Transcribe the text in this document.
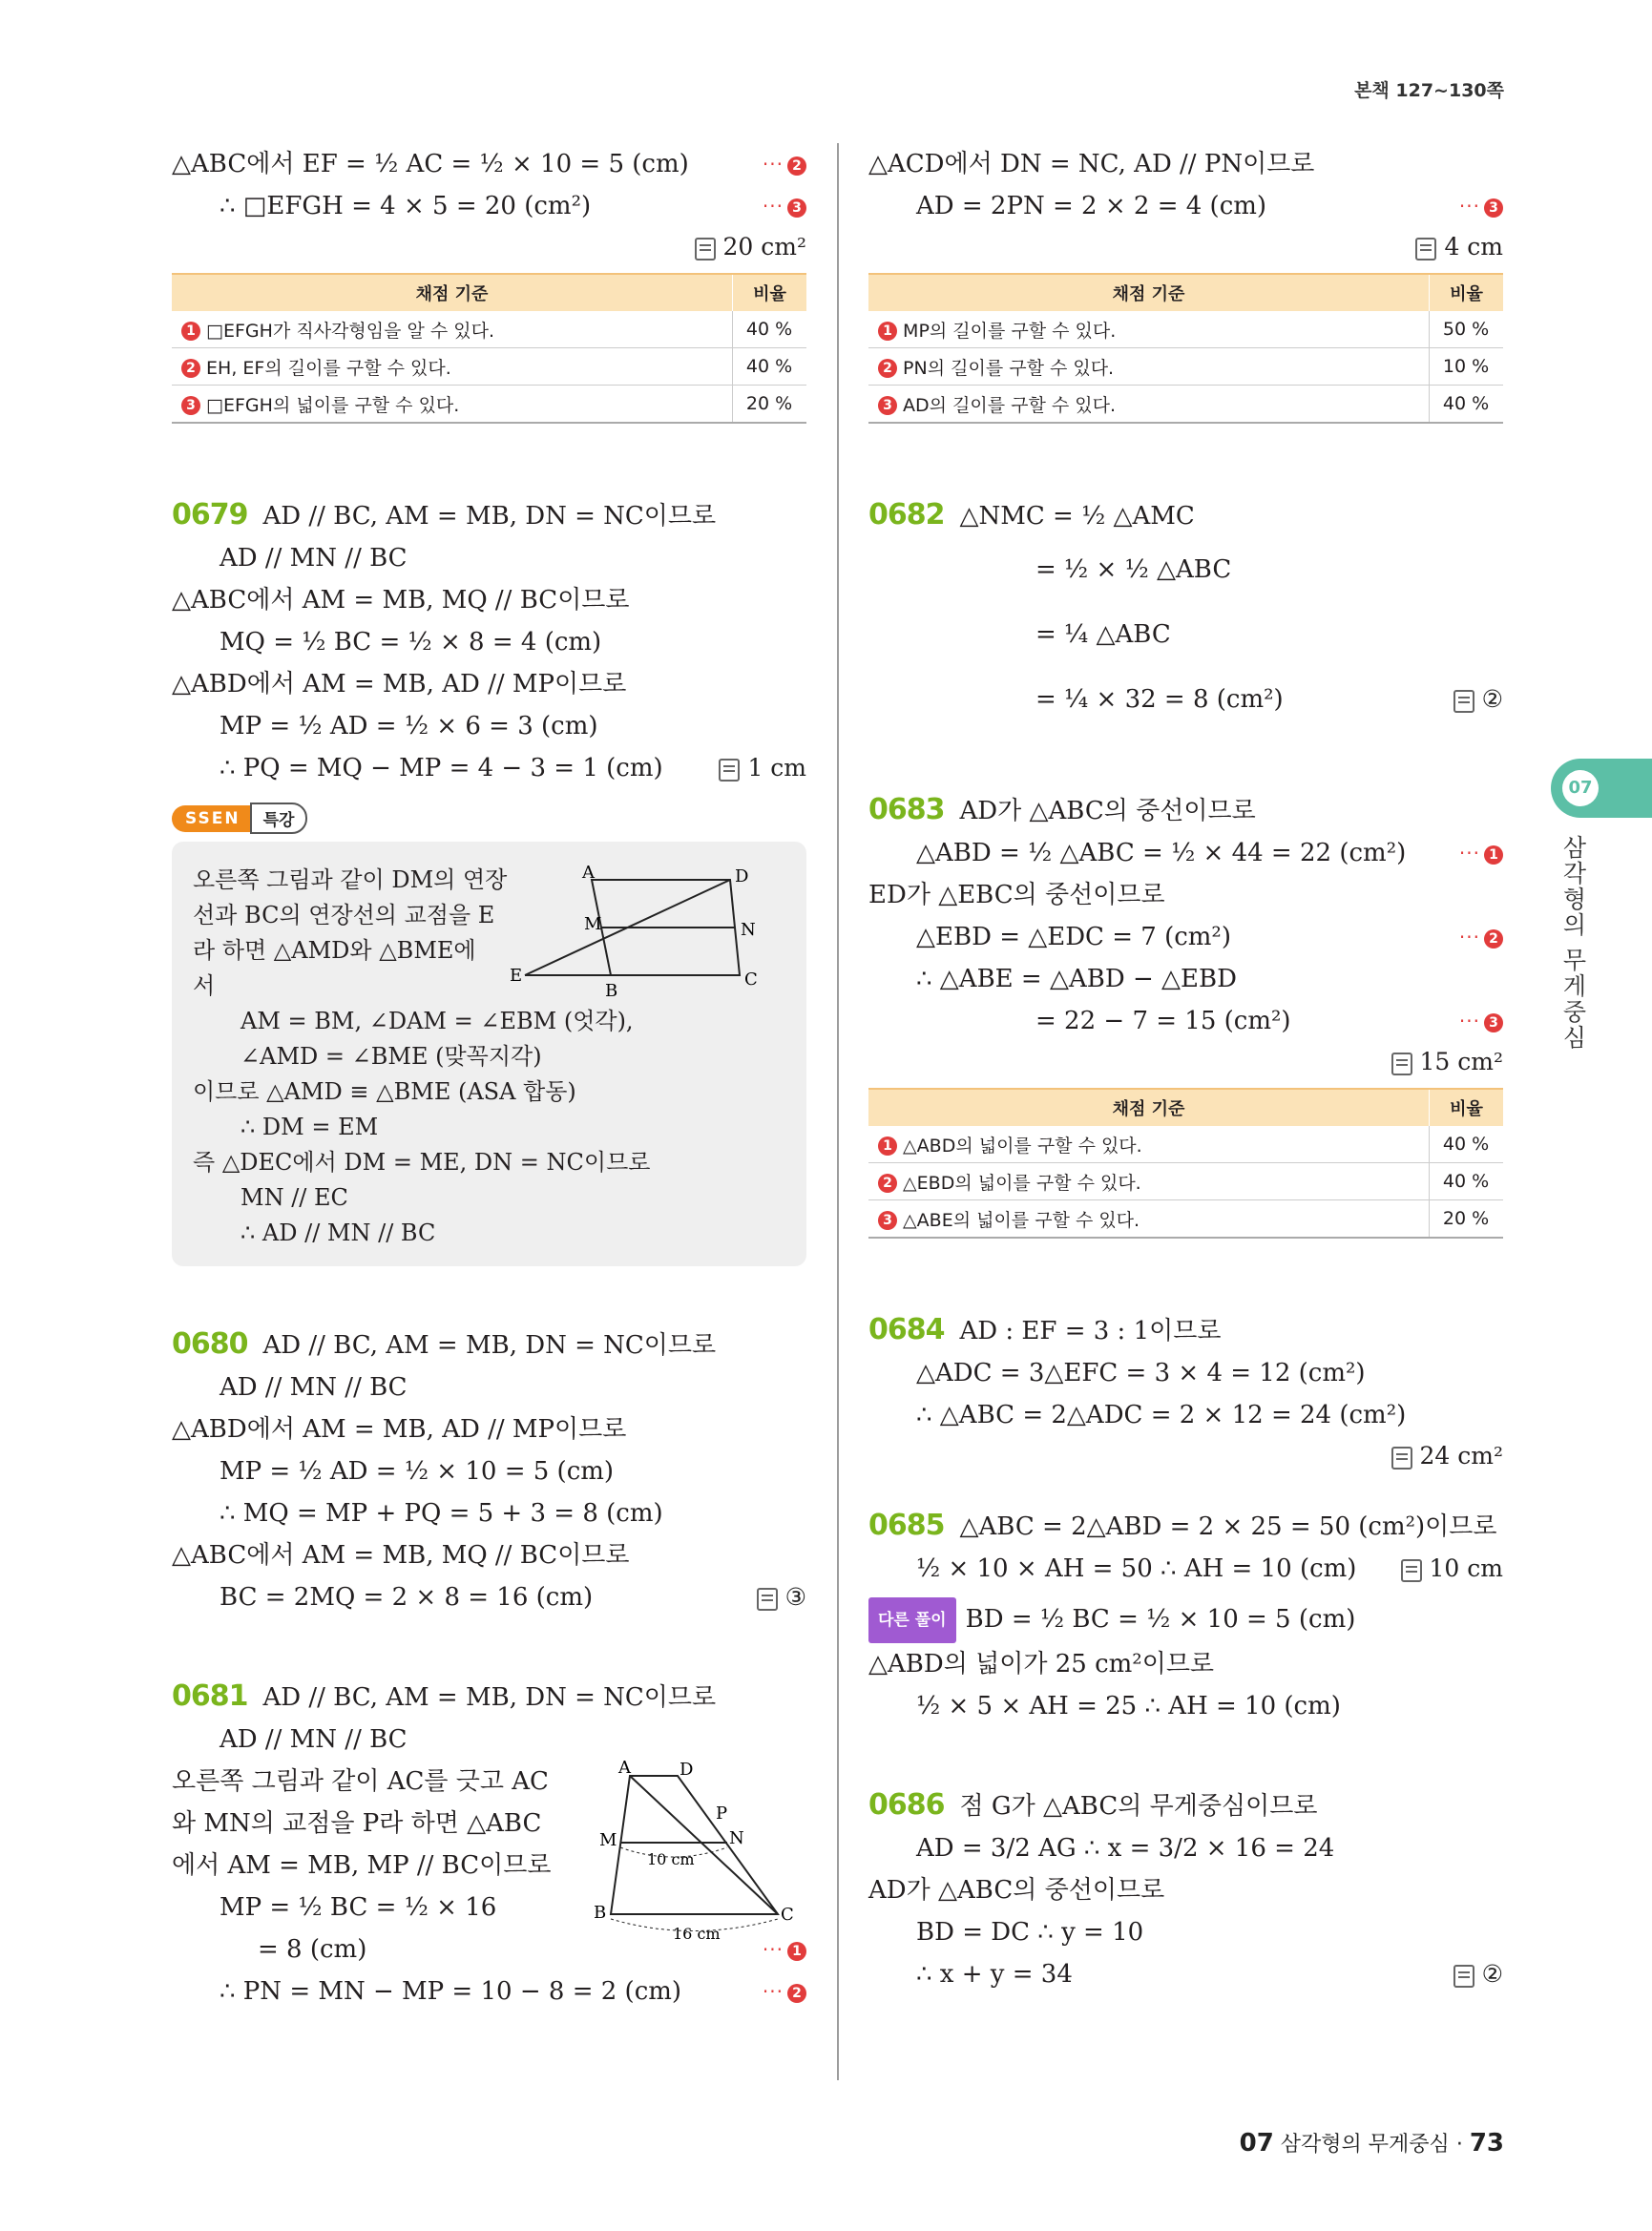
본책 127~130쪽
△ABC에서 EF = ½ AC = ½ × 10 = 5 (cm)	··· 2
∴ □EFGH = 4 × 5 = 20 (cm²)	··· 3
20 cm²
채점 기준	비율
1 □EFGH가 직사각형임을 알 수 있다.	40 %
2 EH, EF의 길이를 구할 수 있다.	40 %
3 □EFGH의 넓이를 구할 수 있다.	20 %
0679 AD // BC, AM = MB, DN = NC이므로
AD // MN // BC
△ABC에서 AM = MB, MQ // BC이므로
MQ = ½ BC = ½ × 8 = 4 (cm)
△ABD에서 AM = MB, AD // MP이므로
MP = ½ AD = ½ × 6 = 3 (cm)
∴ PQ = MQ − MP = 4 − 3 = 1 (cm)	1 cm
SSEN	특강
A	D
M	N
E
B
C
오른쪽 그림과 같이 DM의 연장
선과 BC의 연장선의 교점을 E
라 하면 △AMD와 △BME에
서
AM = BM, ∠DAM = ∠EBM (엇각),
∠AMD = ∠BME (맞꼭지각)
이므로 △AMD ≡ △BME (ASA 합동)
∴ DM = EM
즉 △DEC에서 DM = ME, DN = NC이므로
MN // EC
∴ AD // MN // BC
0680 AD // BC, AM = MB, DN = NC이므로
AD // MN // BC
△ABD에서 AM = MB, AD // MP이므로
MP = ½ AD = ½ × 10 = 5 (cm)
∴ MQ = MP + PQ = 5 + 3 = 8 (cm)
△ABC에서 AM = MB, MQ // BC이므로
BC = 2MQ = 2 × 8 = 16 (cm)	③
A	D
P
M	N
10 cm
B
16 cm
C
0681 AD // BC, AM = MB, DN = NC이므로
AD // MN // BC
오른쪽 그림과 같이 AC를 긋고 AC
와 MN의 교점을 P라 하면 △ABC
에서 AM = MB, MP // BC이므로
MP = ½ BC = ½ × 16
= 8 (cm)	··· 1
∴ PN = MN − MP = 10 − 8 = 2 (cm)	··· 2
△ACD에서 DN = NC, AD // PN이므로
AD = 2PN = 2 × 2 = 4 (cm)	··· 3
4 cm
채점 기준	비율
1 MP의 길이를 구할 수 있다.	50 %
2 PN의 길이를 구할 수 있다.	10 %
3 AD의 길이를 구할 수 있다.	40 %
0682 △NMC = ½ △AMC
= ½ × ½ △ABC
= ¼ △ABC
= ¼ × 32 = 8 (cm²)	②
0683 AD가 △ABC의 중선이므로
△ABD = ½ △ABC = ½ × 44 = 22 (cm²)	··· 1
ED가 △EBC의 중선이므로
△EBD = △EDC = 7 (cm²)	··· 2
∴ △ABE = △ABD − △EBD
= 22 − 7 = 15 (cm²)	··· 3
15 cm²
채점 기준	비율
1 △ABD의 넓이를 구할 수 있다.	40 %
2 △EBD의 넓이를 구할 수 있다.	40 %
3 △ABE의 넓이를 구할 수 있다.	20 %
0684 AD : EF = 3 : 1이므로
△ADC = 3△EFC = 3 × 4 = 12 (cm²)
∴ △ABC = 2△ADC = 2 × 12 = 24 (cm²)
24 cm²
0685 △ABC = 2△ABD = 2 × 25 = 50 (cm²)이므로
½ × 10 × AH = 50 ∴ AH = 10 (cm)	10 cm
다른 풀이 BD = ½ BC = ½ × 10 = 5 (cm)
△ABD의 넓이가 25 cm²이므로
½ × 5 × AH = 25 ∴ AH = 10 (cm)
0686 점 G가 △ABC의 무게중심이므로
AD = 3/2 AG ∴ x = 3/2 × 16 = 24
AD가 △ABC의 중선이므로
BD = DC ∴ y = 10
∴ x + y = 34	②
07
삼각형의 무게중심
07 삼각형의 무게중심 · 73
